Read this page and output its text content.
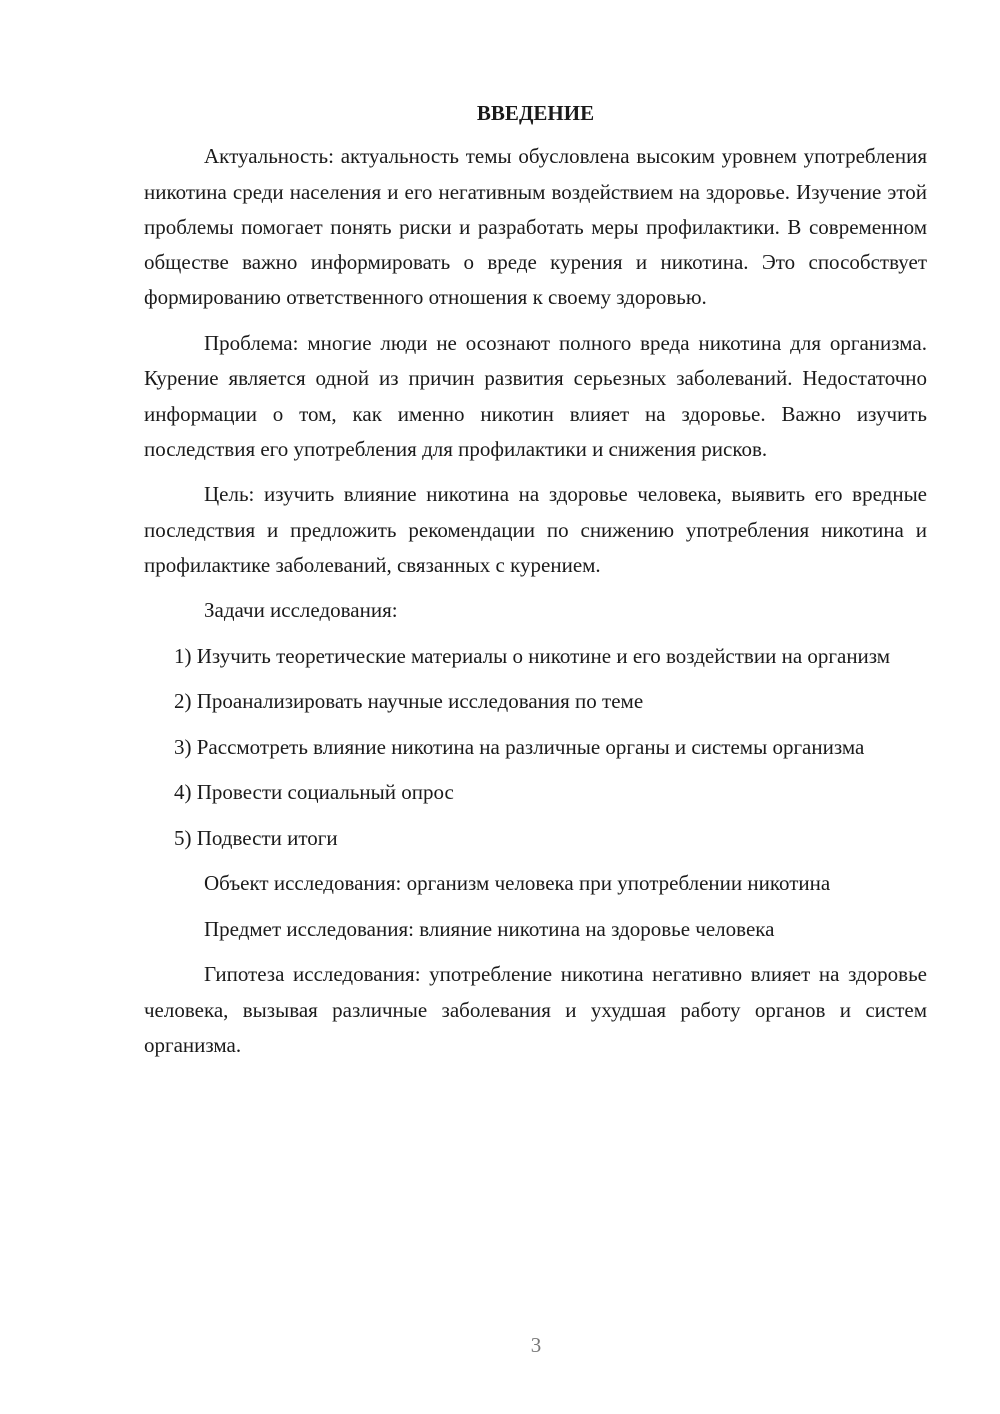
ВВЕДЕНИЕ

Актуальность: актуальность темы обусловлена высоким уровнем употребления никотина среди населения и его негативным воздействием на здоровье. Изучение этой проблемы помогает понять риски и разработать меры профилактики. В современном обществе важно информировать о вреде курения и никотина. Это способствует формированию ответственного отношения к своему здоровью.

Проблема: многие люди не осознают полного вреда никотина для организма. Курение является одной из причин развития серьезных заболеваний. Недостаточно информации о том, как именно никотин влияет на здоровье. Важно изучить последствия его употребления для профилактики и снижения рисков.

Цель: изучить влияние никотина на здоровье человека, выявить его вредные последствия и предложить рекомендации по снижению употребления никотина и профилактике заболеваний, связанных с курением.

Задачи исследования:

1) Изучить теоретические материалы о никотине и его воздействии на организм

2) Проанализировать научные исследования по теме

3) Рассмотреть влияние никотина на различные органы и системы организма

4) Провести социальный опрос

5) Подвести итоги

Объект исследования: организм человека при употреблении никотина

Предмет исследования: влияние никотина на здоровье человека

Гипотеза исследования: употребление никотина негативно влияет на здоровье человека, вызывая различные заболевания и ухудшая работу органов и систем организма.

3
